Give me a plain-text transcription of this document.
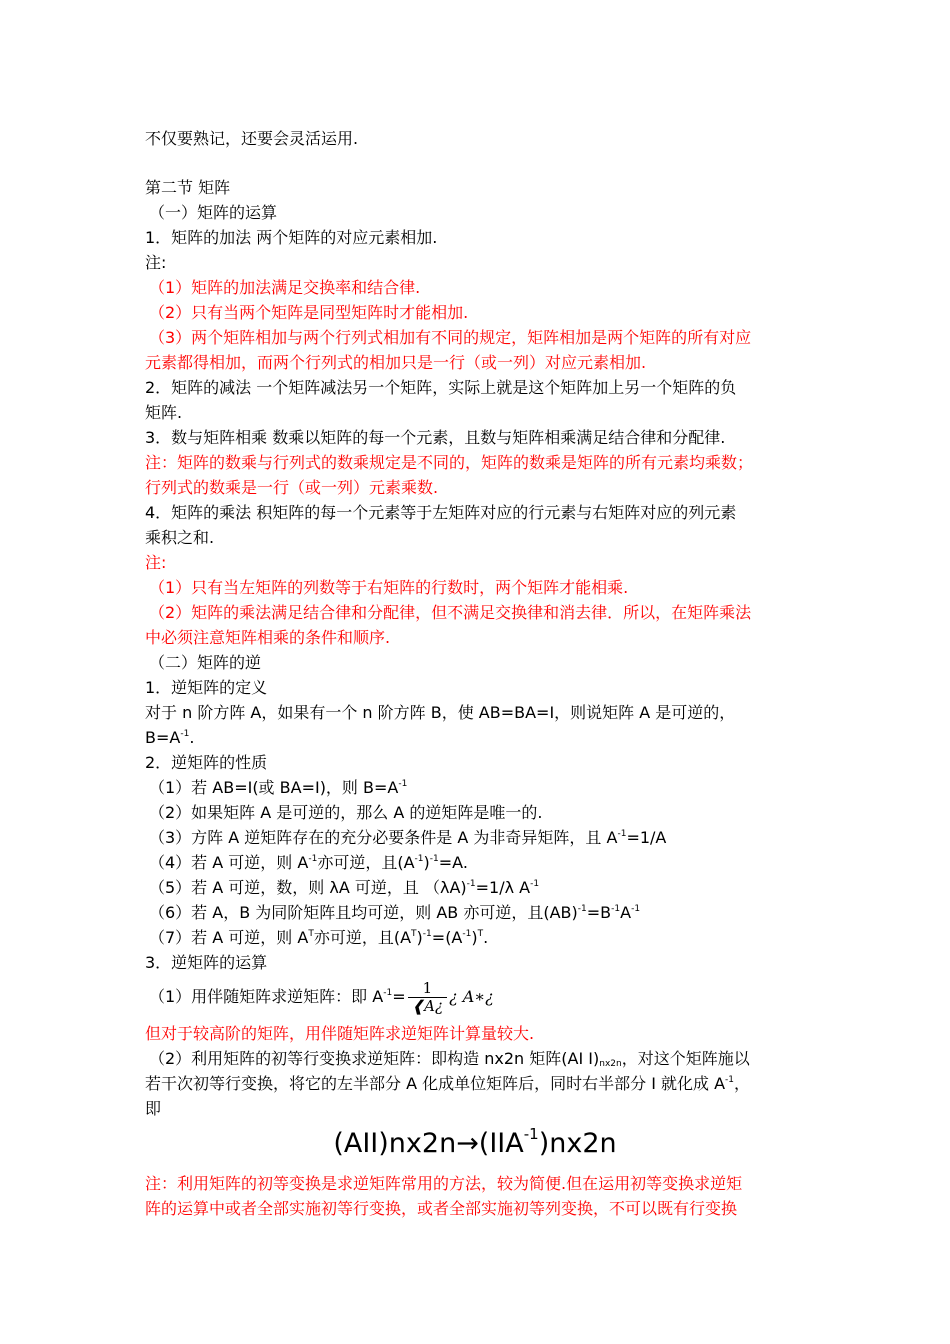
不仅要熟记，还要会灵活运用.
第二节 矩阵
（一）矩阵的运算
1．矩阵的加法 两个矩阵的对应元素相加.
注:
（1）矩阵的加法满足交换率和结合律.
（2）只有当两个矩阵是同型矩阵时才能相加.
（3）两个矩阵相加与两个行列式相加有不同的规定，矩阵相加是两个矩阵的所有对应
元素都得相加，而两个行列式的相加只是一行（或一列）对应元素相加.
2．矩阵的减法 一个矩阵减法另一个矩阵，实际上就是这个矩阵加上另一个矩阵的负
矩阵.
3．数与矩阵相乘 数乘以矩阵的每一个元素，且数与矩阵相乘满足结合律和分配律.
注：矩阵的数乘与行列式的数乘规定是不同的，矩阵的数乘是矩阵的所有元素均乘数；
行列式的数乘是一行（或一列）元素乘数.
4．矩阵的乘法 积矩阵的每一个元素等于左矩阵对应的行元素与右矩阵对应的列元素
乘积之和.
注:
（1）只有当左矩阵的列数等于右矩阵的行数时，两个矩阵才能相乘.
（2）矩阵的乘法满足结合律和分配律，但不满足交换律和消去律．所以，在矩阵乘法
中必须注意矩阵相乘的条件和顺序.
（二）矩阵的逆
1．逆矩阵的定义
对于 n 阶方阵 A，如果有一个 n 阶方阵 B，使 AB=BA=I，则说矩阵 A 是可逆的，
$B=A^{-1}$.
2．逆矩阵的性质
（1）若 AB=I(或 BA=I)，则 $B=A^{-1}$
（2）如果矩阵 A 是可逆的，那么 A 的逆矩阵是唯一的.
（3）方阵 A 逆矩阵存在的充分必要条件是 A 为非奇异矩阵，且 $A^{-1}=1/A$
（4）若 A 可逆，则 $A^{-1}$亦可逆，且$(A^{-1})^{-1}=A$.
（5）若 A 可逆，数，则 λA 可逆，且 （λA)$^{-1}$=1/λ $A^{-1}$
（6）若 A，B 为同阶矩阵且均可逆，则 AB 亦可逆，且$(AB)^{-1}=B^{-1}A^{-1}$
（7）若 A 可逆，则 $A^T$亦可逆，且$(A^T)^{-1}=(A^{-1})^T$.
3．逆矩阵的运算
（1）用伴随矩阵求逆矩阵：即 $A^{-1}= \frac{1}{❰A¿}$ ¿ A∗¿
但对于较高阶的矩阵，用伴随矩阵求逆矩阵计算量较大.
（2）利用矩阵的初等行变换求逆矩阵：即构造 nx2n 矩阵(AI $I)_{nx2n}$，对这个矩阵施以
若干次初等行变换，将它的左半部分 A 化成单位矩阵后，同时右半部分 I 就化成 $A^{-1}$，
即
$(AII)nx2n\to(IIA^{-1})nx2n$
注：利用矩阵的初等变换是求逆矩阵常用的方法，较为简便.但在运用初等变换求逆矩
阵的运算中或者全部实施初等行变换，或者全部实施初等列变换，不可以既有行变换
